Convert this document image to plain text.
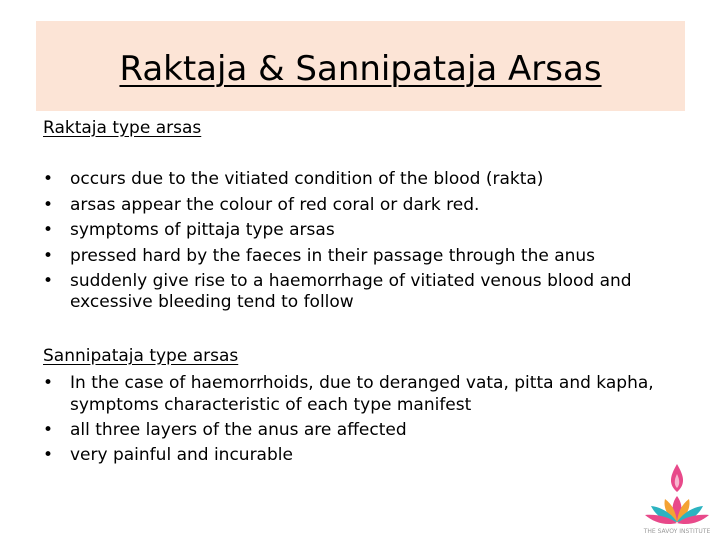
Raktaja & Sannipataja Arsas
Raktaja type arsas
• occurs due to the vitiated condition of the blood (rakta)
• arsas appear the colour of red coral or dark red.
• symptoms of pittaja type arsas
• pressed hard by the faeces in their passage through the anus
• suddenly give rise to a haemorrhage of vitiated venous blood and excessive bleeding tend to follow
Sannipataja type arsas
• In the case of haemorrhoids, due to deranged vata, pitta and kapha, symptoms characteristic of each type manifest
• all three layers of the anus are affected
• very painful and incurable
THE SAVOY INSTITUTE
